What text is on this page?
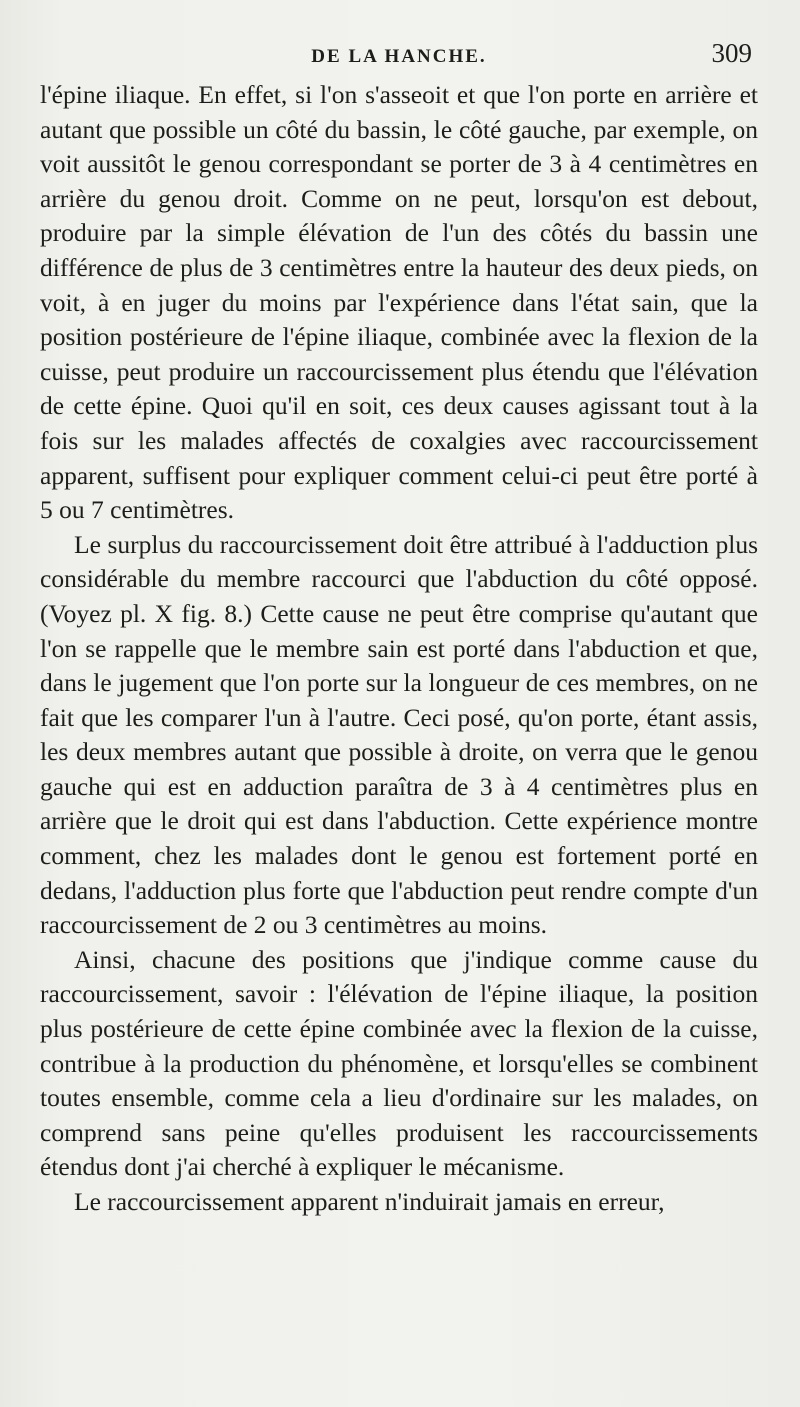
DE LA HANCHE.	309

l'épine iliaque. En effet, si l'on s'asseoit et que l'on porte en arrière et autant que possible un côté du bassin, le côté gauche, par exemple, on voit aussitôt le genou correspondant se porter de 3 à 4 centimètres en arrière du genou droit. Comme on ne peut, lorsqu'on est debout, produire par la simple élévation de l'un des côtés du bassin une différence de plus de 3 centimètres entre la hauteur des deux pieds, on voit, à en juger du moins par l'expérience dans l'état sain, que la position postérieure de l'épine iliaque, combinée avec la flexion de la cuisse, peut produire un raccourcissement plus étendu que l'élévation de cette épine. Quoi qu'il en soit, ces deux causes agissant tout à la fois sur les malades affectés de coxalgies avec raccourcissement apparent, suffisent pour expliquer comment celui-ci peut être porté à 5 ou 7 centimètres.

Le surplus du raccourcissement doit être attribué à l'adduction plus considérable du membre raccourci que l'abduction du côté opposé. (Voyez pl. X fig. 8.) Cette cause ne peut être comprise qu'autant que l'on se rappelle que le membre sain est porté dans l'abduction et que, dans le jugement que l'on porte sur la longueur de ces membres, on ne fait que les comparer l'un à l'autre. Ceci posé, qu'on porte, étant assis, les deux membres autant que possible à droite, on verra que le genou gauche qui est en adduction paraîtra de 3 à 4 centimètres plus en arrière que le droit qui est dans l'abduction. Cette expérience montre comment, chez les malades dont le genou est fortement porté en dedans, l'adduction plus forte que l'abduction peut rendre compte d'un raccourcissement de 2 ou 3 centimètres au moins.

Ainsi, chacune des positions que j'indique comme cause du raccourcissement, savoir : l'élévation de l'épine iliaque, la position plus postérieure de cette épine combinée avec la flexion de la cuisse, contribue à la production du phénomène, et lorsqu'elles se combinent toutes ensemble, comme cela a lieu d'ordinaire sur les malades, on comprend sans peine qu'elles produisent les raccourcissements étendus dont j'ai cherché à expliquer le mécanisme.

Le raccourcissement apparent n'induirait jamais en erreur,
